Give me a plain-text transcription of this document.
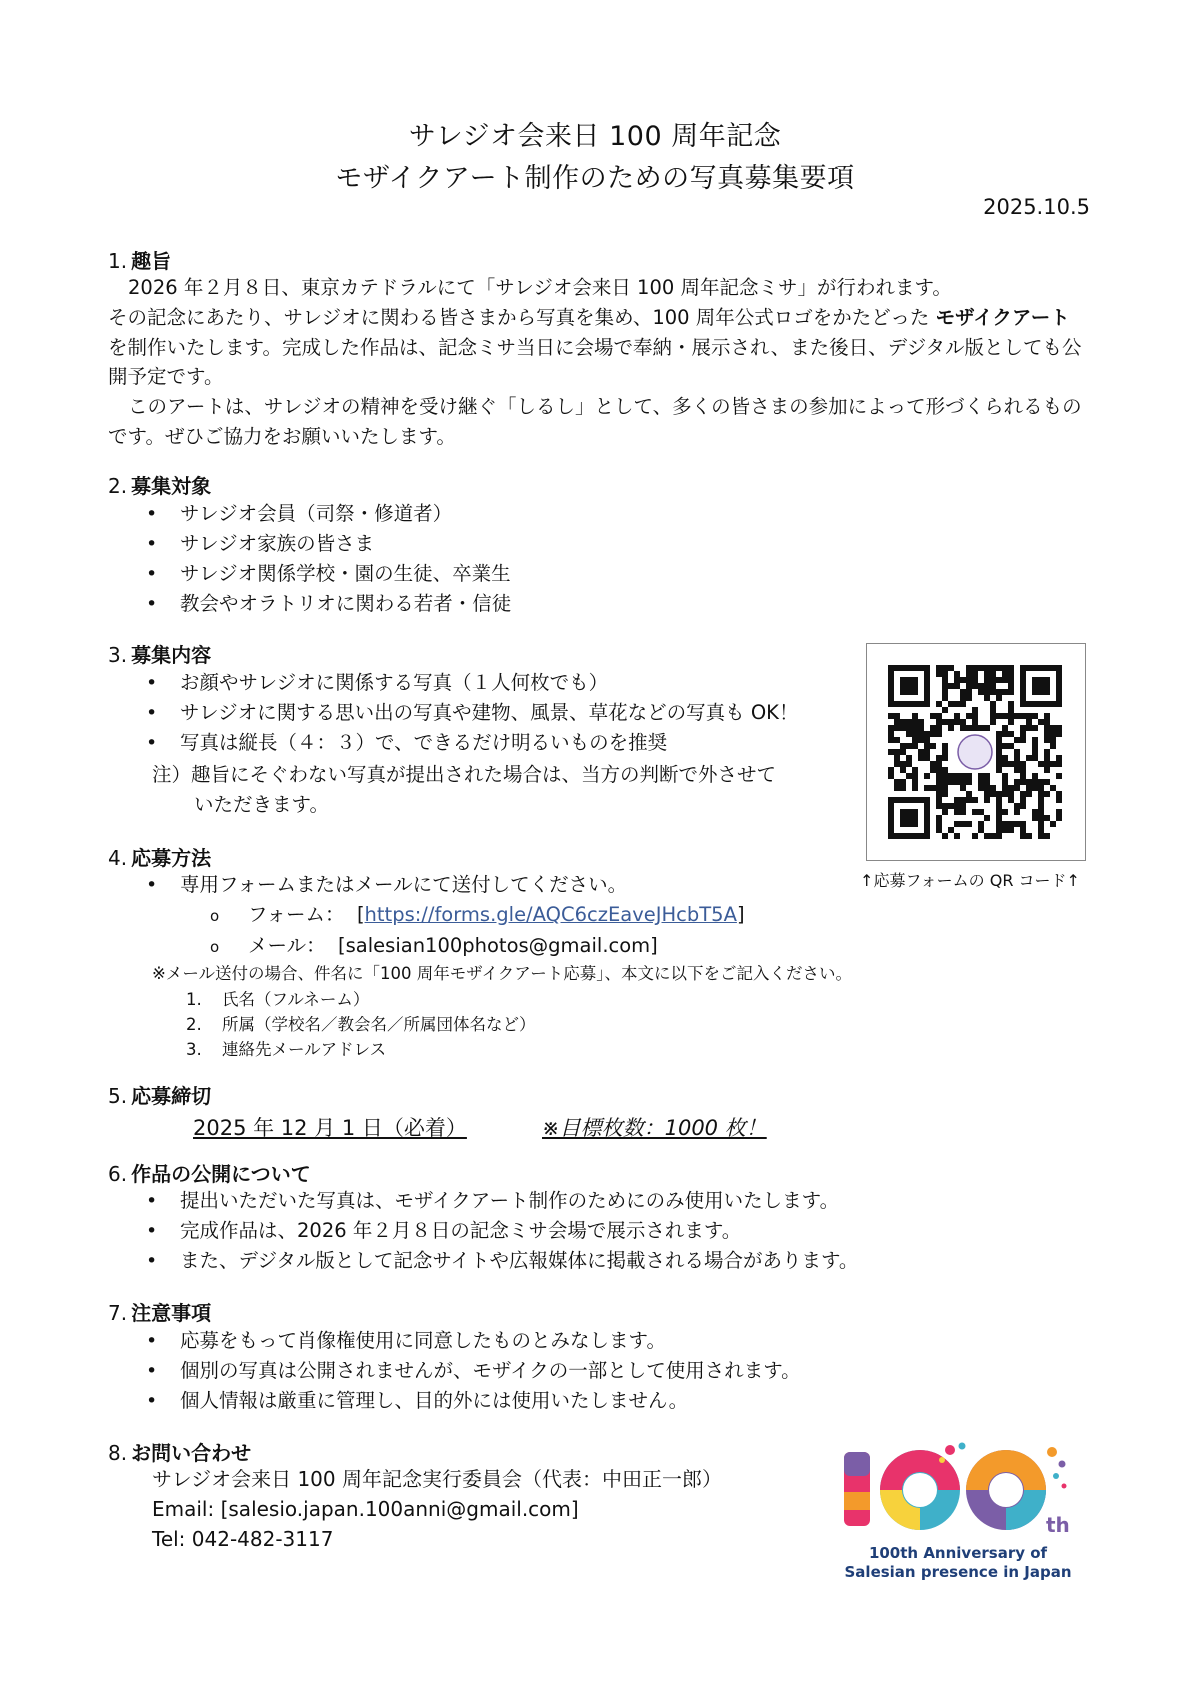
サレジオ会来日 100 周年記念
モザイクアート制作のための写真募集要項
2025.10.5
1. 趣旨
2026 年２月８日、東京カテドラルにて「サレジオ会来日 100 周年記念ミサ」が行われます。
その記念にあたり、サレジオに関わる皆さまから写真を集め、100 周年公式ロゴをかたどった モザイクアート を制作いたします。完成した作品は、記念ミサ当日に会場で奉納・展示され、また後日、デジタル版としても公開予定です。
このアートは、サレジオの精神を受け継ぐ「しるし」として、多くの皆さまの参加によって形づくられるものです。ぜひご協力をお願いいたします。
2. 募集対象
• サレジオ会員（司祭・修道者）
• サレジオ家族の皆さま
• サレジオ関係学校・園の生徒、卒業生
• 教会やオラトリオに関わる若者・信徒
3. 募集内容
• お顔やサレジオに関係する写真（１人何枚でも）
• サレジオに関する思い出の写真や建物、風景、草花などの写真も OK！
• 写真は縦長（４：３）で、できるだけ明るいものを推奨
注）趣旨にそぐわない写真が提出された場合は、当方の判断で外させて
いただきます。
↑応募フォームの QR コード↑
4. 応募方法
• 専用フォームまたはメールにて送付してください。
o フォーム： [https://forms.gle/AQC6czEaveJHcbT5A]
o メール： [salesian100photos@gmail.com]
※メール送付の場合、件名に「100 周年モザイクアート応募」、本文に以下をご記入ください。
1. 氏名（フルネーム）
2. 所属（学校名／教会名／所属団体名など）
3. 連絡先メールアドレス
5. 応募締切
2025 年 12 月 1 日（必着）	※目標枚数：1000 枚！
6. 作品の公開について
• 提出いただいた写真は、モザイクアート制作のためにのみ使用いたします。
• 完成作品は、2026 年２月８日の記念ミサ会場で展示されます。
• また、デジタル版として記念サイトや広報媒体に掲載される場合があります。
7. 注意事項
• 応募をもって肖像権使用に同意したものとみなします。
• 個別の写真は公開されませんが、モザイクの一部として使用されます。
• 個人情報は厳重に管理し、目的外には使用いたしません。
8. お問い合わせ
サレジオ会来日 100 周年記念実行委員会（代表：中田正一郎）
Email: [salesio.japan.100anni@gmail.com]
Tel: 042-482-3117
th
100th Anniversary of
Salesian presence in Japan
